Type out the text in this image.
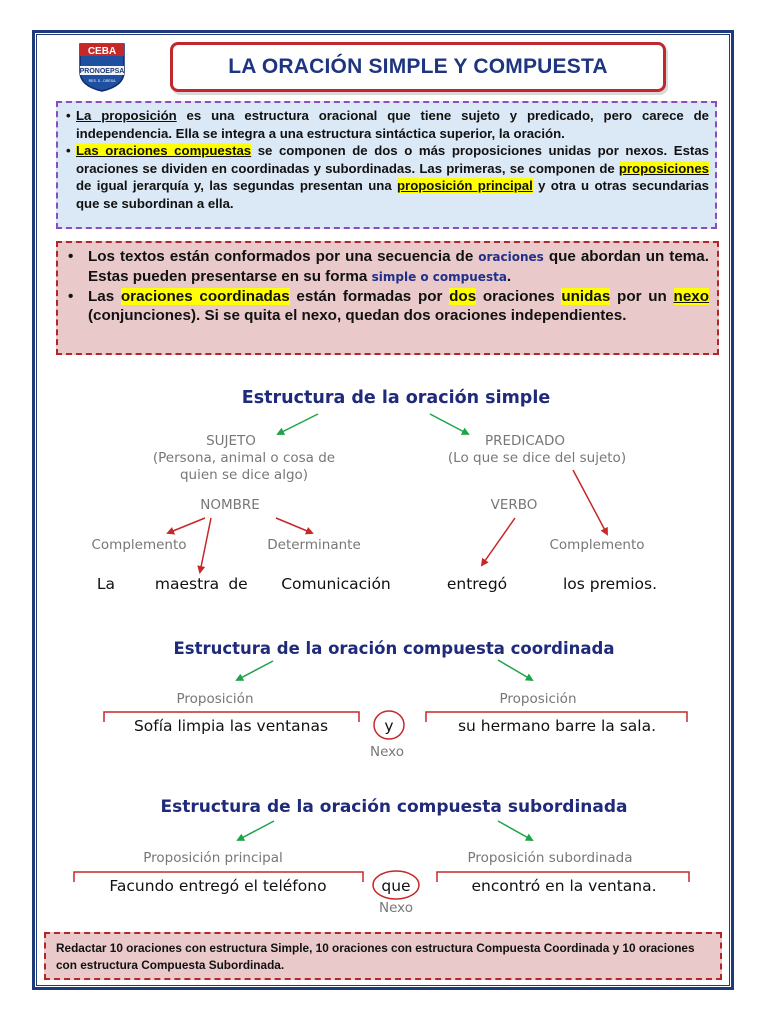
CEBA
PRONOEPSA
RES. D - DRESA
LA ORACIÓN SIMPLE Y COMPUESTA
• La proposición es una estructura oracional que tiene sujeto y predicado, pero carece de independencia. Ella se integra a una estructura sintáctica superior, la oración.
• Las oraciones compuestas se componen de dos o más proposiciones unidas por nexos. Estas oraciones se dividen en coordinadas y subordinadas. Las primeras, se componen de proposiciones de igual jerarquía y, las segundas presentan una proposición principal y otra u otras secundarias que se subordinan a ella.
• Los textos están conformados por una secuencia de oraciones que abordan un tema. Estas pueden presentarse en su forma simple o compuesta.
• Las oraciones coordinadas están formadas por dos oraciones unidas por un nexo (conjunciones). Si se quita el nexo, quedan dos oraciones independientes.
Estructura de la oración simple
SUJETO
(Persona, animal o cosa de
quien se dice algo)
PREDICADO
(Lo que se dice del sujeto)
NOMBRE	VERBO
Complemento	Determinante	Complemento
La	maestra de Comunicación	entregó	los premios.
Estructura de la oración compuesta coordinada
Proposición	Proposición
Sofía limpia las ventanas	y
Nexo
su hermano barre la sala.
Estructura de la oración compuesta subordinada
Proposición principal	Proposición subordinada
Facundo entregó el teléfono	que
Nexo
encontró en la ventana.
Redactar 10 oraciones con estructura Simple, 10 oraciones con estructura Compuesta Coordinada y 10 oraciones con estructura Compuesta Subordinada.
